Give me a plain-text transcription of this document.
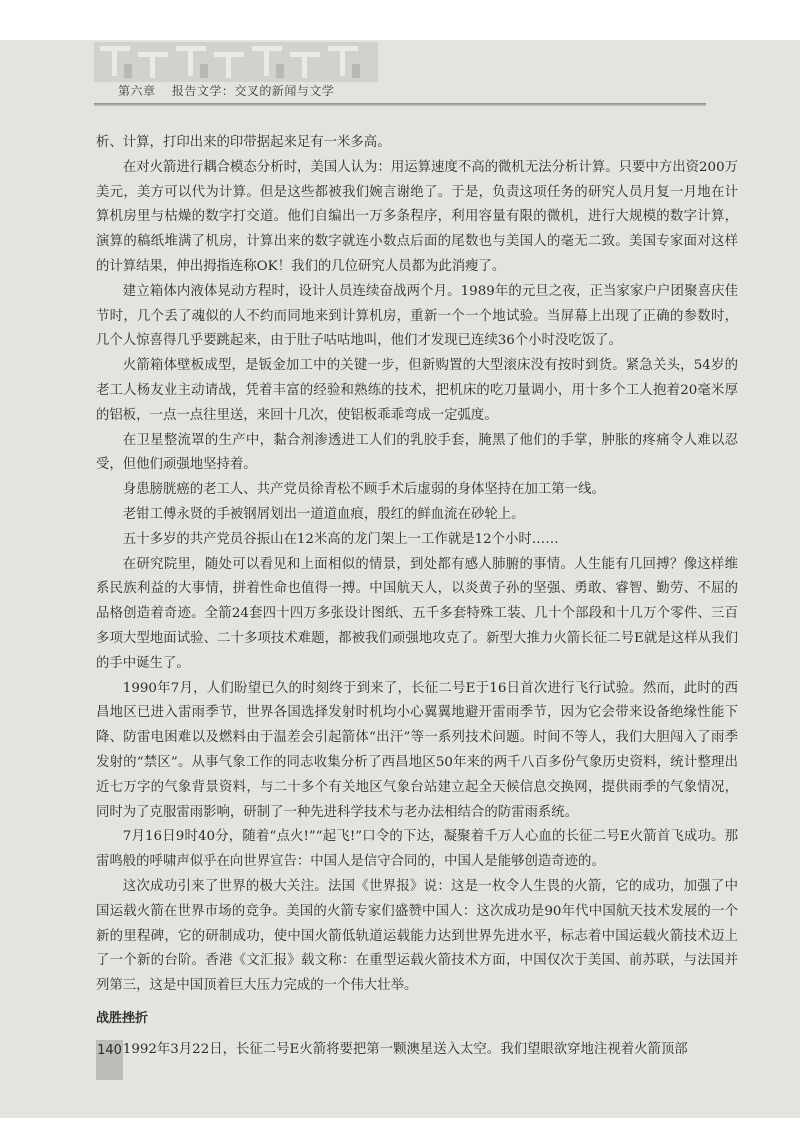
第六章 报告文学：交叉的新闻与文学

析、计算，打印出来的印带据起来足有一米多高。

在对火箭进行耦合模态分析时，美国人认为：用运算速度不高的微机无法分析计算。只要中方出资200万美元，美方可以代为计算。但是这些都被我们婉言谢绝了。于是，负责这项任务的研究人员月复一月地在计算机房里与枯燥的数字打交道。他们自编出一万多条程序，利用容量有限的微机，进行大规模的数字计算，演算的稿纸堆满了机房，计算出来的数字就连小数点后面的尾数也与美国人的毫无二致。美国专家面对这样的计算结果，伸出拇指连称OK！我们的几位研究人员都为此消瘦了。

建立箱体内液体晃动方程时，设计人员连续奋战两个月。1989年的元旦之夜，正当家家户户团聚喜庆佳节时，几个丢了魂似的人不约而同地来到计算机房，重新一个一个地试验。当屏幕上出现了正确的参数时，几个人惊喜得几乎要跳起来，由于肚子咕咕地叫，他们才发现已连续36个小时没吃饭了。

火箭箱体壁板成型，是钣金加工中的关键一步，但新购置的大型滚床没有按时到货。紧急关头，54岁的老工人杨友业主动请战，凭着丰富的经验和熟练的技术，把机床的吃刀量调小，用十多个工人抱着20毫米厚的铝板，一点一点往里送，来回十几次，使铝板乖乖弯成一定弧度。

在卫星整流罩的生产中，黏合剂渗透进工人们的乳胶手套，腌黑了他们的手掌，肿胀的疼痛令人难以忍受，但他们顽强地坚持着。

身患膀胱癌的老工人、共产党员徐青松不顾手术后虚弱的身体坚持在加工第一线。

老钳工傅永贤的手被钢屑划出一道道血痕，殷红的鲜血流在砂轮上。

五十多岁的共产党员谷振山在12米高的龙门架上一工作就是12个小时……

在研究院里，随处可以看见和上面相似的情景，到处都有感人肺腑的事情。人生能有几回搏？像这样维系民族利益的大事情，拼着性命也值得一搏。中国航天人，以炎黄子孙的坚强、勇敢、睿智、勤劳、不屈的品格创造着奇迹。全箭24套四十四万多张设计图纸、五千多套特殊工装、几十个部段和十几万个零件、三百多项大型地面试验、二十多项技术难题，都被我们顽强地攻克了。新型大推力火箭长征二号E就是这样从我们的手中诞生了。

1990年7月，人们盼望已久的时刻终于到来了，长征二号E于16日首次进行飞行试验。然而，此时的西昌地区已进入雷雨季节，世界各国选择发射时机均小心翼翼地避开雷雨季节，因为它会带来设备绝缘性能下降、防雷电困难以及燃料由于温差会引起箭体“出汗”等一系列技术问题。时间不等人，我们大胆闯入了雨季发射的“禁区”。从事气象工作的同志收集分析了西昌地区50年来的两千八百多份气象历史资料，统计整理出近七万字的气象背景资料，与二十多个有关地区气象台站建立起全天候信息交换网，提供雨季的气象情况，同时为了克服雷雨影响，研制了一种先进科学技术与老办法相结合的防雷雨系统。

7月16日9时40分，随着“点火!”“起飞!”口令的下达，凝聚着千万人心血的长征二号E火箭首飞成功。那雷鸣般的呼啸声似乎在向世界宣告：中国人是信守合同的，中国人是能够创造奇迹的。

这次成功引来了世界的极大关注。法国《世界报》说：这是一枚令人生畏的火箭，它的成功，加强了中国运载火箭在世界市场的竞争。美国的火箭专家们盛赞中国人：这次成功是90年代中国航天技术发展的一个新的里程碑，它的研制成功，使中国火箭低轨道运载能力达到世界先进水平，标志着中国运载火箭技术迈上了一个新的台阶。香港《文汇报》载文称：在重型运载火箭技术方面，中国仅次于美国、前苏联，与法国并列第三，这是中国顶着巨大压力完成的一个伟大壮举。

战胜挫折

1992年3月22日，长征二号E火箭将要把第一颗澳星送入太空。我们望眼欲穿地注视着火箭顶部

140
